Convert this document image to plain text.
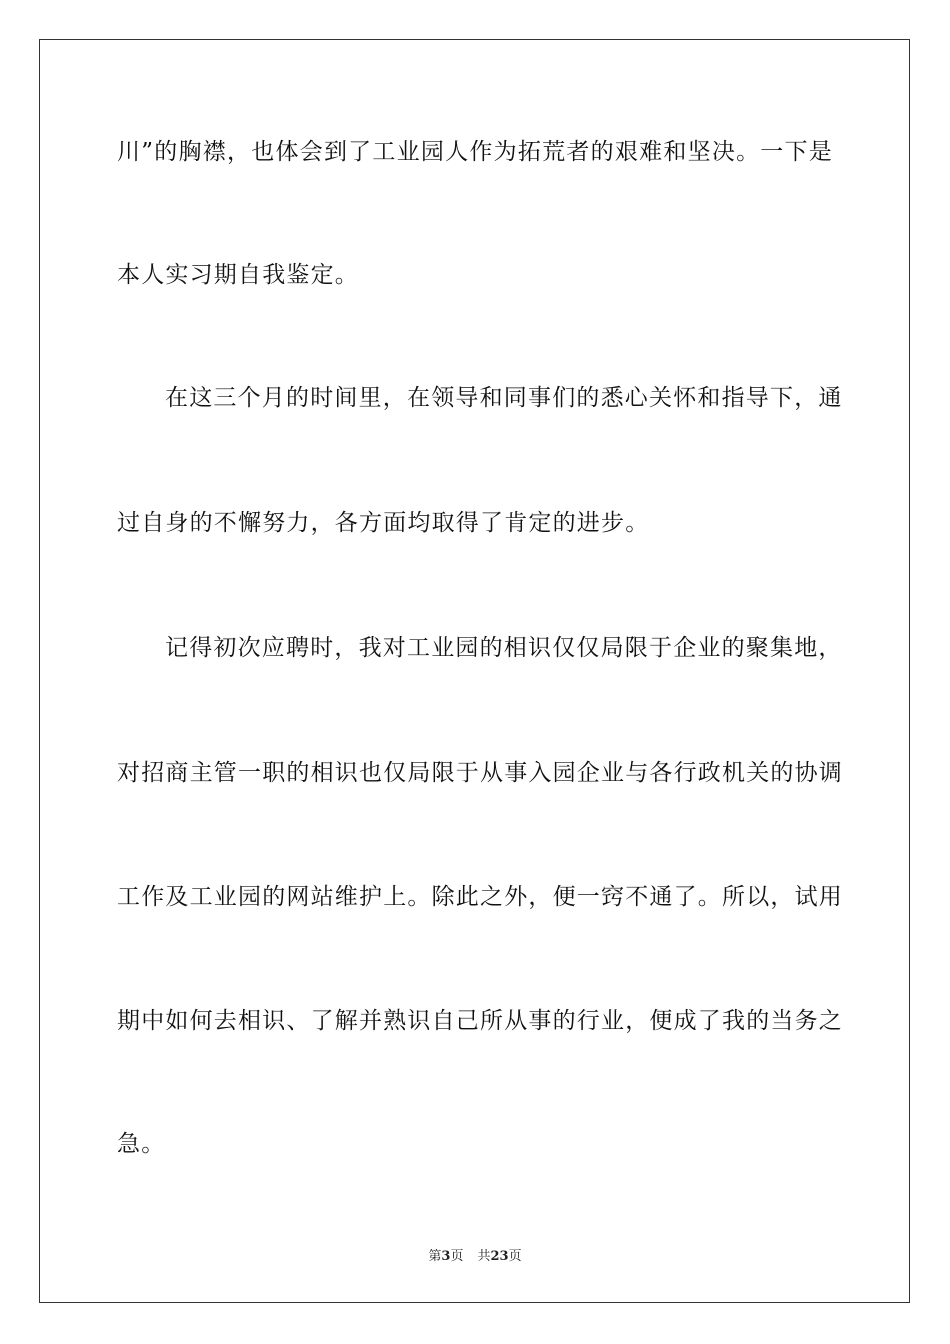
川”的胸襟，也体会到了工业园人作为拓荒者的艰难和坚决。一下是
本人实习期自我鉴定。
在这三个月的时间里，在领导和同事们的悉心关怀和指导下，通
过自身的不懈努力，各方面均取得了肯定的进步。
记得初次应聘时，我对工业园的相识仅仅局限于企业的聚集地，
对招商主管一职的相识也仅局限于从事入园企业与各行政机关的协调
工作及工业园的网站维护上。除此之外，便一窍不通了。所以，试用
期中如何去相识、了解并熟识自己所从事的行业，便成了我的当务之
急。
第3页 共23页
